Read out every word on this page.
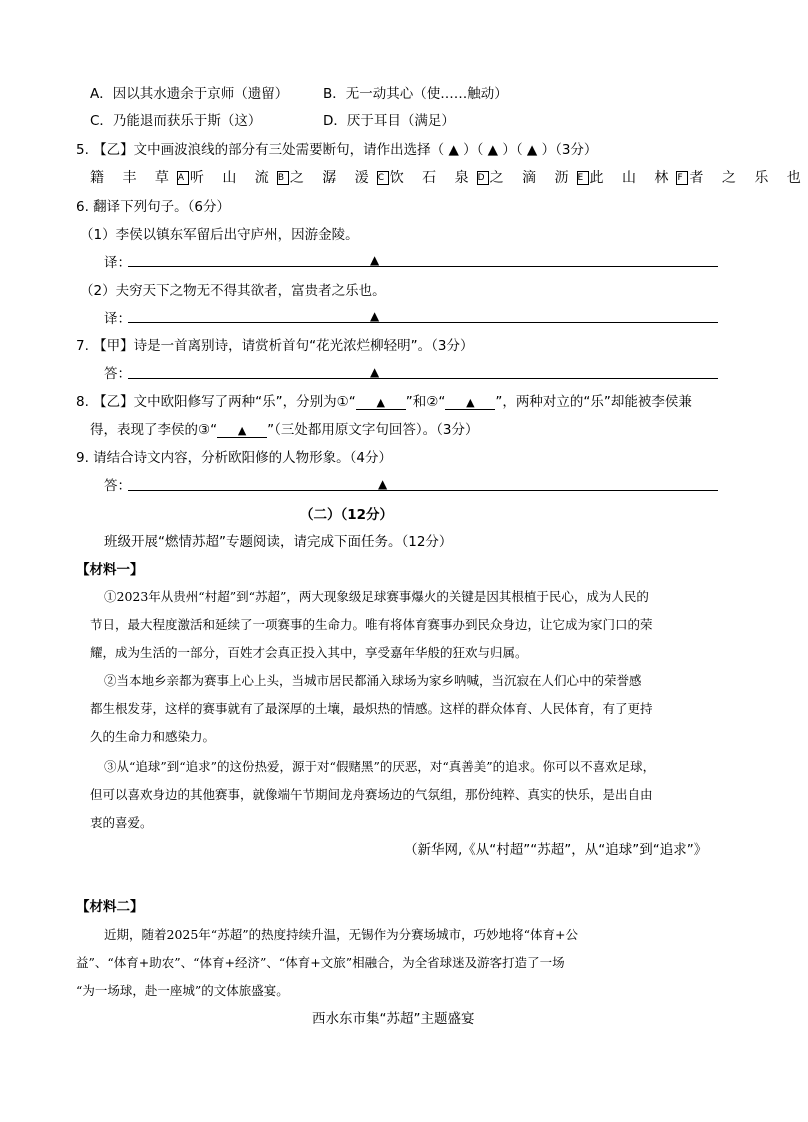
A．因以其水遗余于京师（遗留）	B．无一动其心（使……触动）
C．乃能退而获乐于斯（这）	D．厌于耳目（满足）
5. 【乙】文中画波浪线的部分有三处需要断句，请作出选择（ ▲ ）（ ▲ ）（ ▲ ）（3分）
籍 丰 草 A听 山 流 B之 潺 湲 C饮 石 泉 D之 滴 沥 E此 山 林 F者 之 乐 也
6. 翻译下列句子。（6分）
（1）李侯以镇东军留后出守庐州，因游金陵。
译：	▲
（2）夫穷天下之物无不得其欲者，富贵者之乐也。
译：	▲
7. 【甲】诗是一首离别诗，请赏析首句“花光浓烂柳轻明”。（3分）
答：	▲
8. 【乙】文中欧阳修写了两种“乐”，分别为①“ ▲ ”和②“ ▲ ”，两种对立的“乐”却能被李侯兼
得，表现了李侯的③“ ▲ ”（三处都用原文字句回答）。（3分）
9. 请结合诗文内容，分析欧阳修的人物形象。（4分）
答：	▲
（二）（12分）
班级开展“燃情苏超”专题阅读，请完成下面任务。（12分）
【材料一】
①2023年从贵州“村超”到“苏超”，两大现象级足球赛事爆火的关键是因其根植于民心，成为人民的
节日，最大程度激活和延续了一项赛事的生命力。唯有将体育赛事办到民众身边，让它成为家门口的荣
耀，成为生活的一部分，百姓才会真正投入其中，享受嘉年华般的狂欢与归属。
②当本地乡亲都为赛事上心上头，当城市居民都涌入球场为家乡呐喊，当沉寂在人们心中的荣誉感
都生根发芽，这样的赛事就有了最深厚的土壤，最炽热的情感。这样的群众体育、人民体育，有了更持
久的生命力和感染力。
③从“追球”到“追求”的这份热爱，源于对“假赌黑”的厌恶，对“真善美”的追求。你可以不喜欢足球，
但可以喜欢身边的其他赛事，就像端午节期间龙舟赛场边的气氛组，那份纯粹、真实的快乐，是出自由
衷的喜爱。
（新华网,《从“村超”“苏超”，从“追球”到“追求”》
【材料二】
近期，随着2025年“苏超”的热度持续升温，无锡作为分赛场城市，巧妙地将“体育+公
益”、“体育+助农”、“体育+经济”、“体育+文旅”相融合，为全省球迷及游客打造了一场
“为一场球，赴一座城”的文体旅盛宴。
西水东市集“苏超”主题盛宴
